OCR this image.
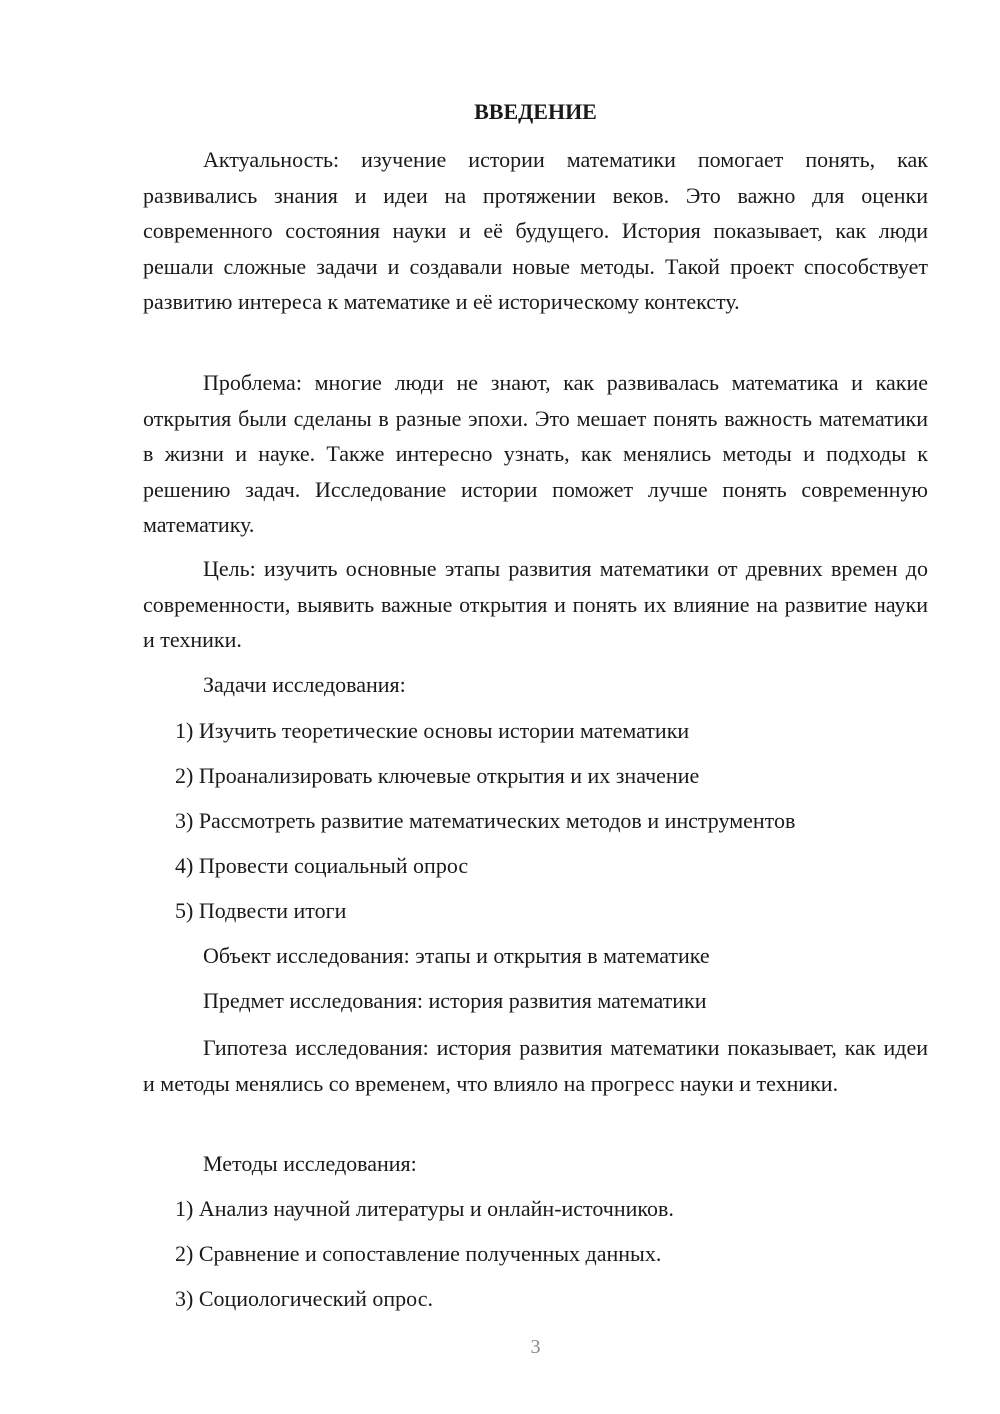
ВВЕДЕНИЕ

Актуальность: изучение истории математики помогает понять, как развивались знания и идеи на протяжении веков. Это важно для оценки современного состояния науки и её будущего. История показывает, как люди решали сложные задачи и создавали новые методы. Такой проект способствует развитию интереса к математике и её историческому контексту.

Проблема: многие люди не знают, как развивалась математика и какие открытия были сделаны в разные эпохи. Это мешает понять важность математики в жизни и науке. Также интересно узнать, как менялись методы и подходы к решению задач. Исследование истории поможет лучше понять современную математику.

Цель: изучить основные этапы развития математики от древних времен до современности, выявить важные открытия и понять их влияние на развитие науки и техники.

Задачи исследования:

1) Изучить теоретические основы истории математики

2) Проанализировать ключевые открытия и их значение

3) Рассмотреть развитие математических методов и инструментов

4) Провести социальный опрос

5) Подвести итоги

Объект исследования: этапы и открытия в математике

Предмет исследования: история развития математики

Гипотеза исследования: история развития математики показывает, как идеи и методы менялись со временем, что влияло на прогресс науки и техники.

Методы исследования:

1) Анализ научной литературы и онлайн-источников.

2) Сравнение и сопоставление полученных данных.

3) Социологический опрос.

3
